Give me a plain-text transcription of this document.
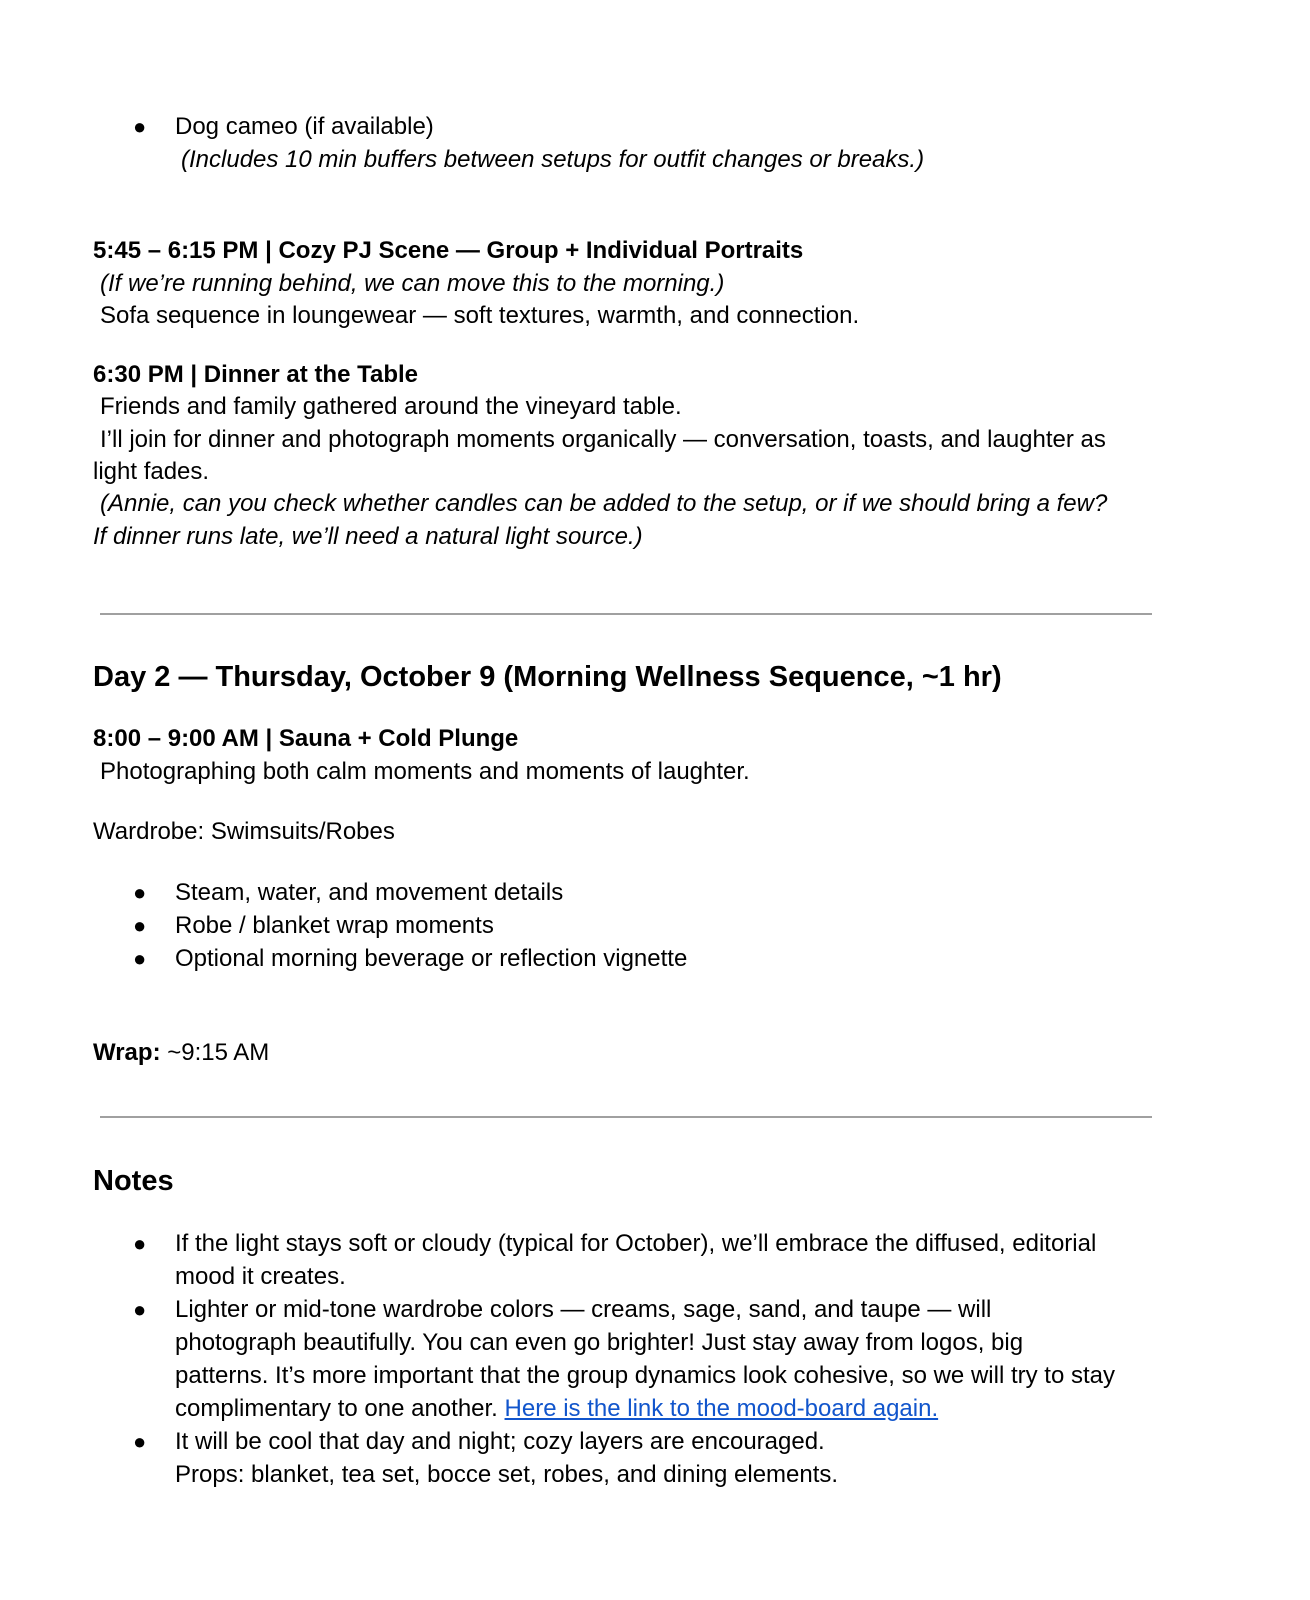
● Dog cameo (if available)
(Includes 10 min buffers between setups for outfit changes or breaks.)
5:45 – 6:15 PM | Cozy PJ Scene — Group + Individual Portraits
(If we’re running behind, we can move this to the morning.)
Sofa sequence in loungewear — soft textures, warmth, and connection.
6:30 PM | Dinner at the Table
Friends and family gathered around the vineyard table.
I’ll join for dinner and photograph moments organically — conversation, toasts, and laughter as
light fades.
(Annie, can you check whether candles can be added to the setup, or if we should bring a few?
If dinner runs late, we’ll need a natural light source.)
Day 2 — Thursday, October 9 (Morning Wellness Sequence, ~1 hr)
8:00 – 9:00 AM | Sauna + Cold Plunge
Photographing both calm moments and moments of laughter.
Wardrobe: Swimsuits/Robes
● Steam, water, and movement details
● Robe / blanket wrap moments
● Optional morning beverage or reflection vignette
Wrap: ~9:15 AM
Notes
● If the light stays soft or cloudy (typical for October), we’ll embrace the diffused, editorial
mood it creates.
● Lighter or mid-tone wardrobe colors — creams, sage, sand, and taupe — will
photograph beautifully. You can even go brighter! Just stay away from logos, big
patterns. It’s more important that the group dynamics look cohesive, so we will try to stay
complimentary to one another. Here is the link to the mood-board again.
● It will be cool that day and night; cozy layers are encouraged.
Props: blanket, tea set, bocce set, robes, and dining elements.
